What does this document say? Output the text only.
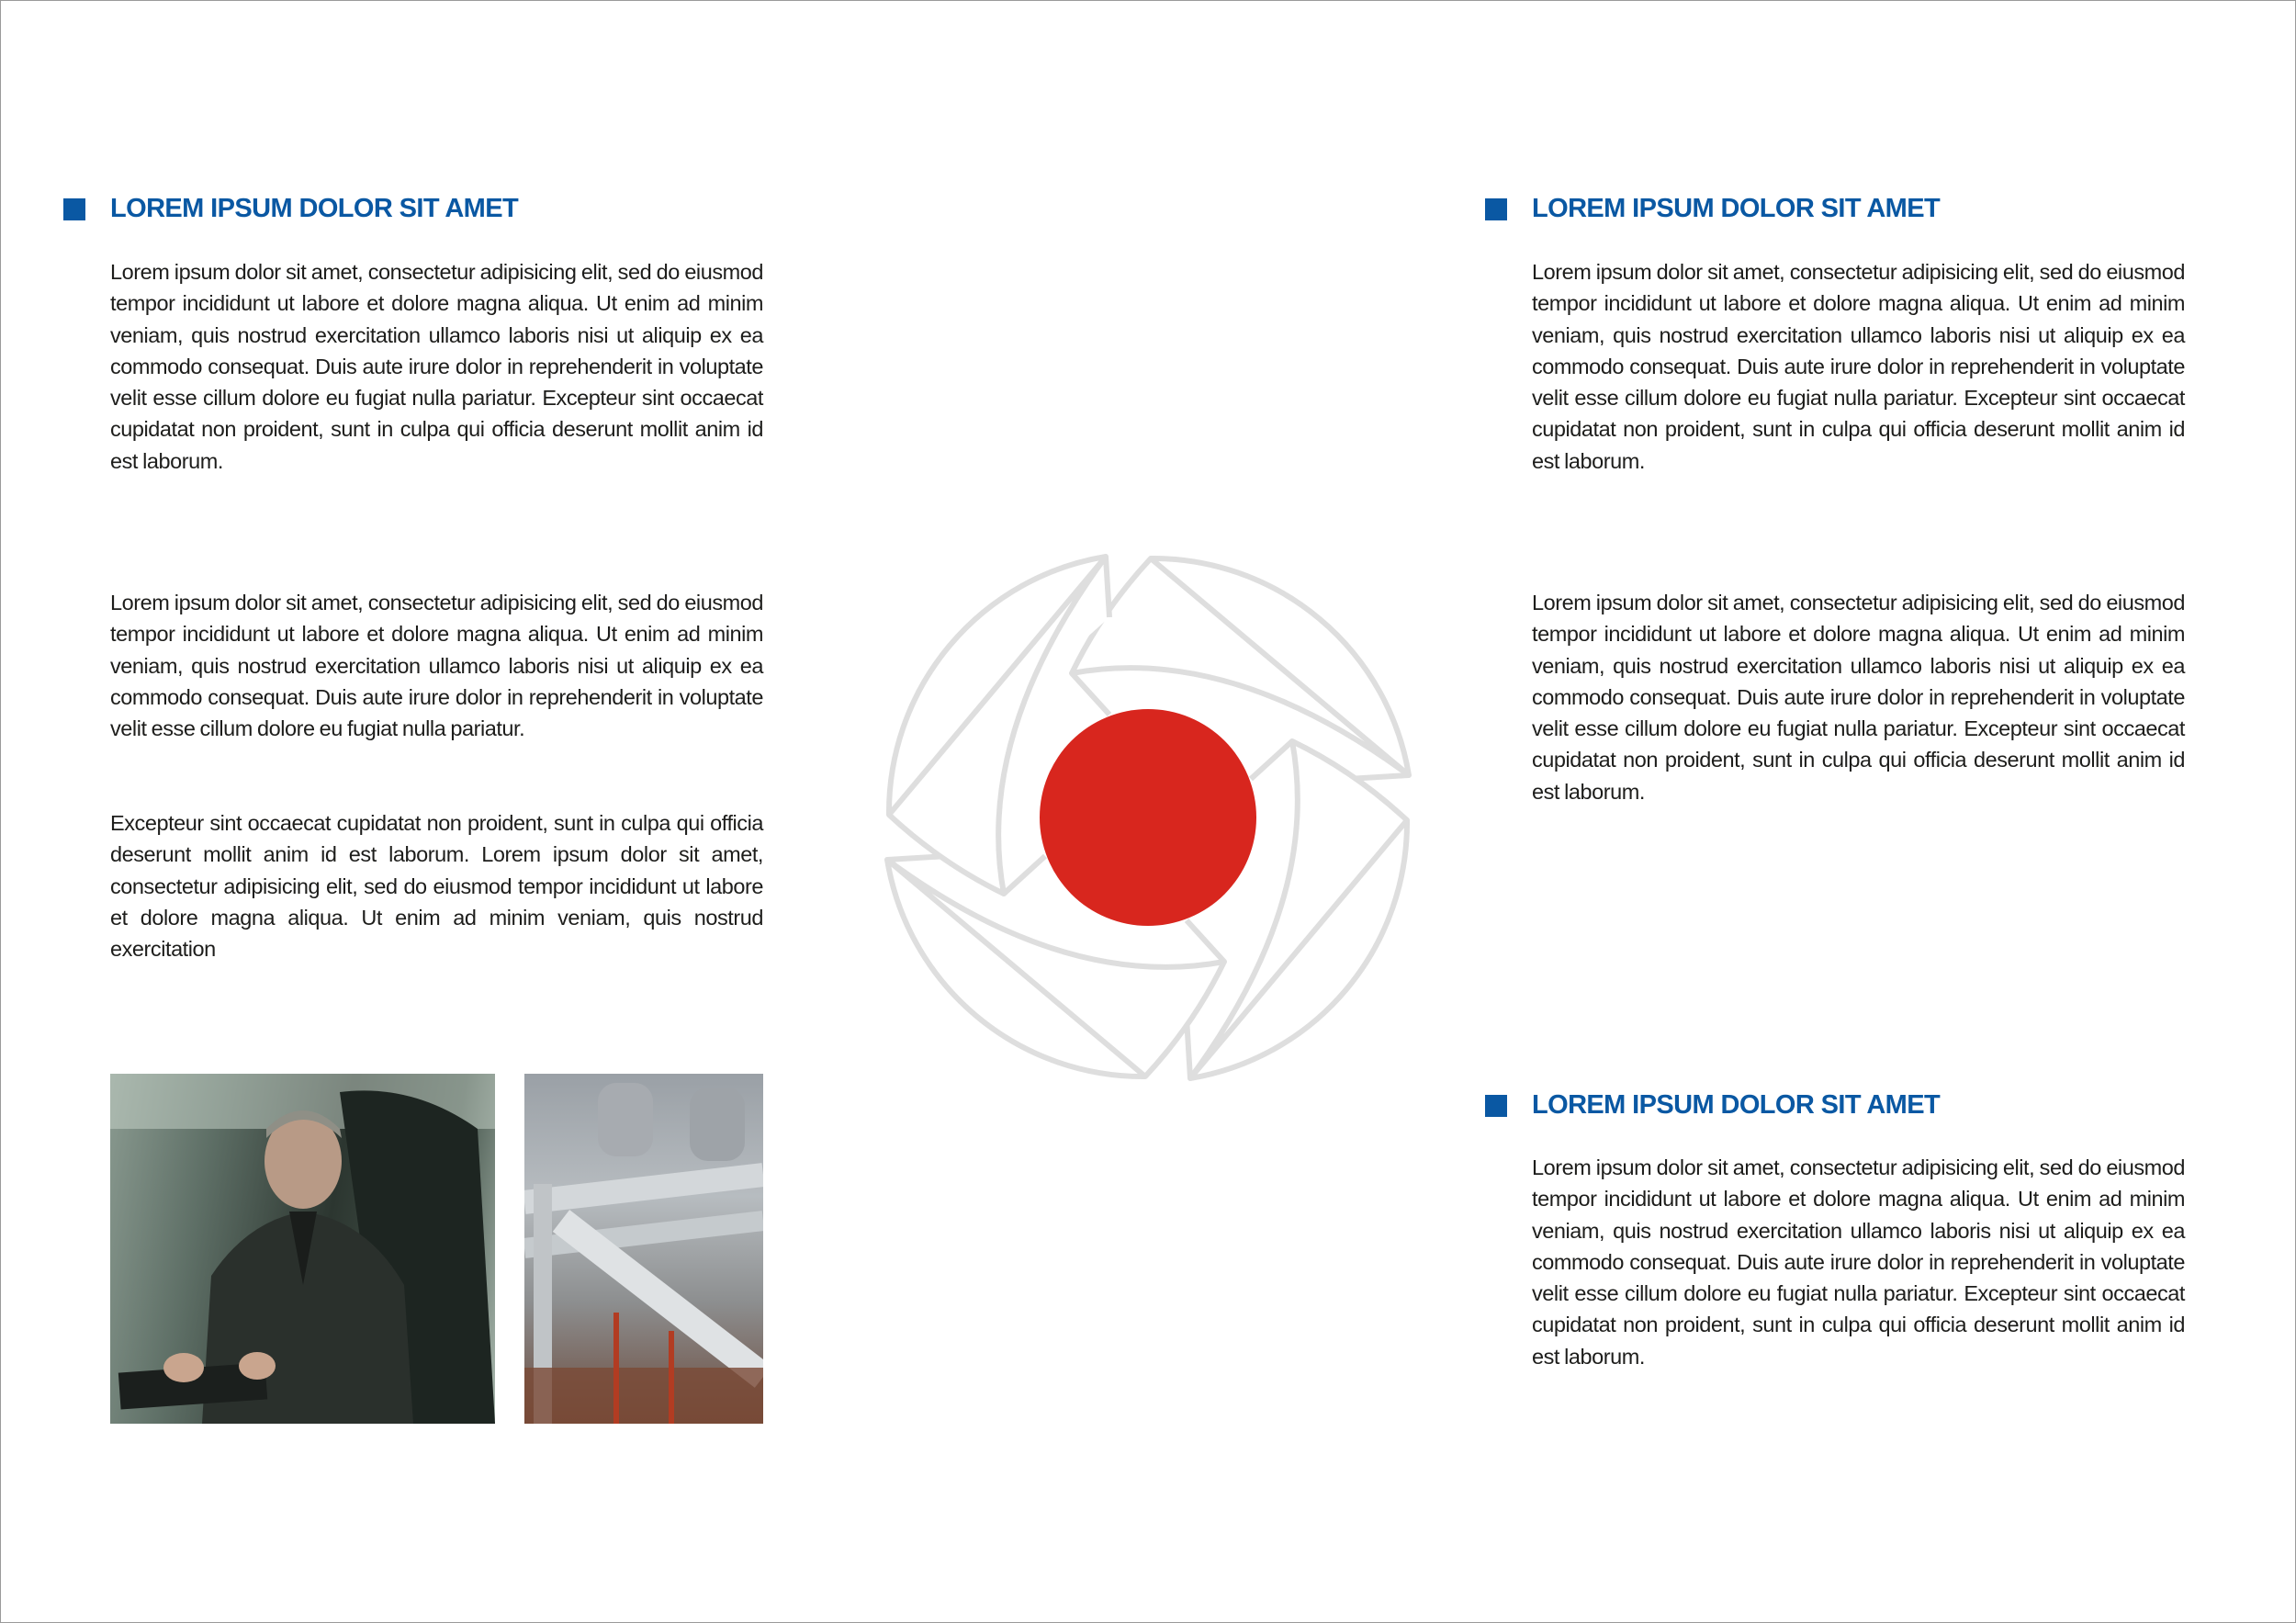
LOREM IPSUM DOLOR SIT AMET

Lorem ipsum dolor sit amet, consectetur adipisicing elit, sed do eiusmod tempor incididunt ut labore et dolore magna aliqua. Ut enim ad minim veniam, quis nostrud exercitation ullamco laboris nisi ut aliquip ex ea commodo consequat. Duis aute irure dolor in reprehenderit in voluptate velit esse cillum dolore eu fugiat nulla pariatur. Excepteur sint occaecat cupidatat non proident, sunt in culpa qui officia deserunt mollit anim id est laborum.

Lorem ipsum dolor sit amet, consectetur adipisicing elit, sed do eiusmod tempor incididunt ut labore et dolore magna aliqua. Ut enim ad minim veniam, quis nostrud exercitation ullamco laboris nisi ut aliquip ex ea commodo consequat. Duis aute irure dolor in reprehenderit in voluptate velit esse cillum dolore eu fugiat nulla pariatur.

Excepteur sint occaecat cupidatat non proident, sunt in culpa qui officia deserunt mollit anim id est laborum. Lorem ipsum dolor sit amet, consectetur adipisicing elit, sed do eiusmod tempor incididunt ut labore et dolore magna aliqua. Ut enim ad minim veniam, quis nostrud exercitation

LOREM IPSUM DOLOR SIT AMET

Lorem ipsum dolor sit amet, consectetur adipisicing elit, sed do eiusmod tempor incididunt ut labore et dolore magna aliqua. Ut enim ad minim veniam, quis nostrud exercitation ullamco laboris nisi ut aliquip ex ea commodo consequat. Duis aute irure dolor in reprehenderit in voluptate velit esse cillum dolore eu fugiat nulla pariatur. Excepteur sint occaecat cupidatat non proident, sunt in culpa qui officia deserunt mollit anim id est laborum.

Lorem ipsum dolor sit amet, consectetur adipisicing elit, sed do eiusmod tempor incididunt ut labore et dolore magna aliqua. Ut enim ad minim veniam, quis nostrud exercitation ullamco laboris nisi ut aliquip ex ea commodo consequat. Duis aute irure dolor in reprehenderit in voluptate velit esse cillum dolore eu fugiat nulla pariatur. Excepteur sint occaecat cupidatat non proident, sunt in culpa qui officia deserunt mollit anim id est laborum.

LOREM IPSUM DOLOR SIT AMET

Lorem ipsum dolor sit amet, consectetur adipisicing elit, sed do eiusmod tempor incididunt ut labore et dolore magna aliqua. Ut enim ad minim veniam, quis nostrud exercitation ullamco laboris nisi ut aliquip ex ea commodo consequat. Duis aute irure dolor in reprehenderit in voluptate velit esse cillum dolore eu fugiat nulla pariatur. Excepteur sint occaecat cupidatat non proident, sunt in culpa qui officia deserunt mollit anim id est laborum.
